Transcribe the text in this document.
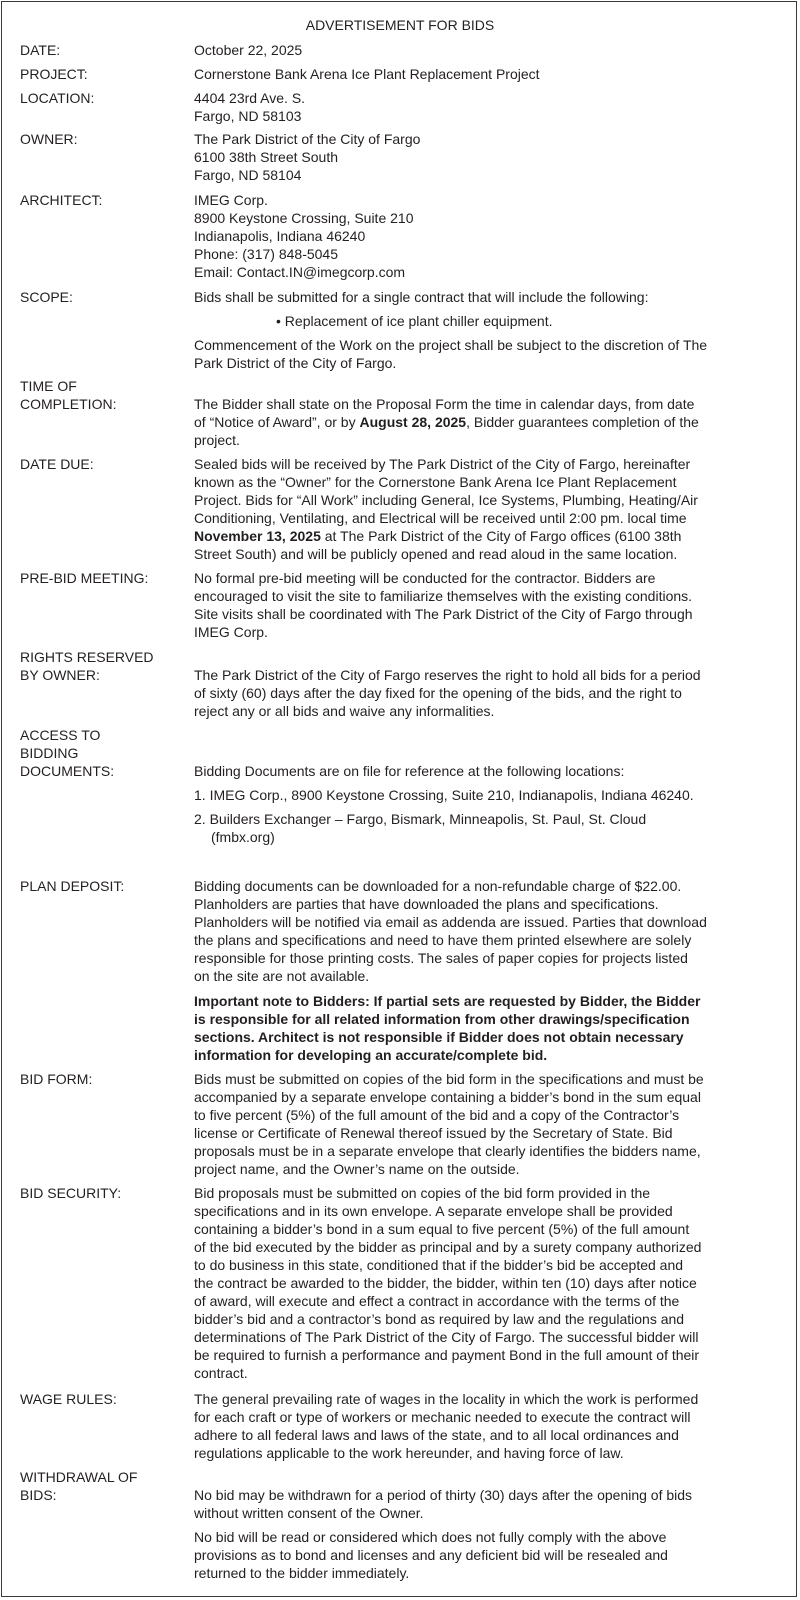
ADVERTISEMENT FOR BIDS

DATE:	October 22, 2025

PROJECT:	Cornerstone Bank Arena Ice Plant Replacement Project

LOCATION:	4404 23rd Ave. S.

Fargo, ND 58103

OWNER:	The Park District of the City of Fargo

6100 38th Street South

Fargo, ND 58104

ARCHITECT:	IMEG Corp.

8900 Keystone Crossing, Suite 210

Indianapolis, Indiana 46240

Phone: (317) 848-5045

Email: Contact.IN@imegcorp.com

SCOPE:	Bids shall be submitted for a single contract that will include the following:

• Replacement of ice plant chiller equipment.

Commencement of the Work on the project shall be subject to the discretion of The

Park District of the City of Fargo.

TIME OF

COMPLETION:	The Bidder shall state on the Proposal Form the time in calendar days, from date

of “Notice of Award”, or by August 28, 2025, Bidder guarantees completion of the

project.

DATE DUE:	Sealed bids will be received by The Park District of the City of Fargo, hereinafter

known as the “Owner” for the Cornerstone Bank Arena Ice Plant Replacement

Project. Bids for “All Work” including General, Ice Systems, Plumbing, Heating/Air

Conditioning, Ventilating, and Electrical will be received until 2:00 pm. local time

November 13, 2025 at The Park District of the City of Fargo offices (6100 38th

Street South) and will be publicly opened and read aloud in the same location.

PRE-BID MEETING:	No formal pre-bid meeting will be conducted for the contractor. Bidders are

encouraged to visit the site to familiarize themselves with the existing conditions.

Site visits shall be coordinated with The Park District of the City of Fargo through

IMEG Corp.

RIGHTS RESERVED

BY OWNER:	The Park District of the City of Fargo reserves the right to hold all bids for a period

of sixty (60) days after the day fixed for the opening of the bids, and the right to

reject any or all bids and waive any informalities.

ACCESS TO

BIDDING

DOCUMENTS:	Bidding Documents are on file for reference at the following locations:

1. IMEG Corp., 8900 Keystone Crossing, Suite 210, Indianapolis, Indiana 46240.

2. Builders Exchanger – Fargo, Bismark, Minneapolis, St. Paul, St. Cloud

(fmbx.org)

PLAN DEPOSIT:	Bidding documents can be downloaded for a non-refundable charge of $22.00.

Planholders are parties that have downloaded the plans and specifications.

Planholders will be notified via email as addenda are issued. Parties that download

the plans and specifications and need to have them printed elsewhere are solely

responsible for those printing costs. The sales of paper copies for projects listed

on the site are not available.

Important note to Bidders: If partial sets are requested by Bidder, the Bidder

is responsible for all related information from other drawings/specification

sections. Architect is not responsible if Bidder does not obtain necessary

information for developing an accurate/complete bid.

BID FORM:	Bids must be submitted on copies of the bid form in the specifications and must be

accompanied by a separate envelope containing a bidder’s bond in the sum equal

to five percent (5%) of the full amount of the bid and a copy of the Contractor’s

license or Certificate of Renewal thereof issued by the Secretary of State. Bid

proposals must be in a separate envelope that clearly identifies the bidders name,

project name, and the Owner’s name on the outside.

BID SECURITY:	Bid proposals must be submitted on copies of the bid form provided in the

specifications and in its own envelope. A separate envelope shall be provided

containing a bidder’s bond in a sum equal to five percent (5%) of the full amount

of the bid executed by the bidder as principal and by a surety company authorized

to do business in this state, conditioned that if the bidder’s bid be accepted and

the contract be awarded to the bidder, the bidder, within ten (10) days after notice

of award, will execute and effect a contract in accordance with the terms of the

bidder’s bid and a contractor’s bond as required by law and the regulations and

determinations of The Park District of the City of Fargo. The successful bidder will

be required to furnish a performance and payment Bond in the full amount of their

contract.

WAGE RULES:	The general prevailing rate of wages in the locality in which the work is performed

for each craft or type of workers or mechanic needed to execute the contract will

adhere to all federal laws and laws of the state, and to all local ordinances and

regulations applicable to the work hereunder, and having force of law.

WITHDRAWAL OF

BIDS:	No bid may be withdrawn for a period of thirty (30) days after the opening of bids

without written consent of the Owner.

No bid will be read or considered which does not fully comply with the above

provisions as to bond and licenses and any deficient bid will be resealed and

returned to the bidder immediately.
